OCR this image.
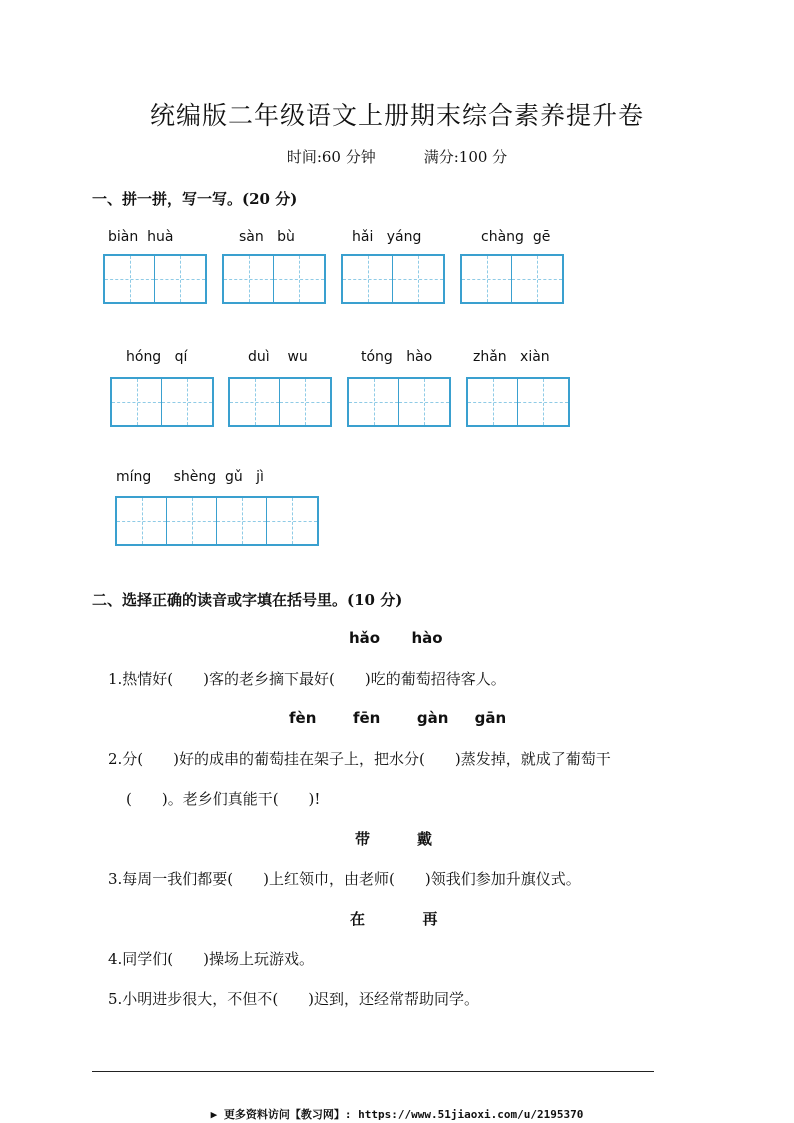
统编版二年级语文上册期末综合素养提升卷
时间:60 分钟	满分:100 分
一、拼一拼，写一写。(20 分)
biàn huà	sàn bù	hǎi yáng	chàng gē
hóng qí	duì wu	tóng hào	zhǎn xiàn
míng shèng gǔ jì
二、选择正确的读音或字填在括号里。(10 分)
hǎo hào
1.热情好(　　)客的老乡摘下最好(　　)吃的葡萄招待客人。
fèn fēn gàn gān
2.分(　　)好的成串的葡萄挂在架子上，把水分(　　)蒸发掉，就成了葡萄干
(　　)。老乡们真能干(　　)!
带	戴
3.每周一我们都要(　　)上红领巾，由老师(　　)领我们参加升旗仪式。
在	再
4.同学们(　　)操场上玩游戏。
5.小明进步很大，不但不(　　)迟到，还经常帮助同学。
▶ 更多资料访问【教习网】: https://www.51jiaoxi.com/u/2195370
